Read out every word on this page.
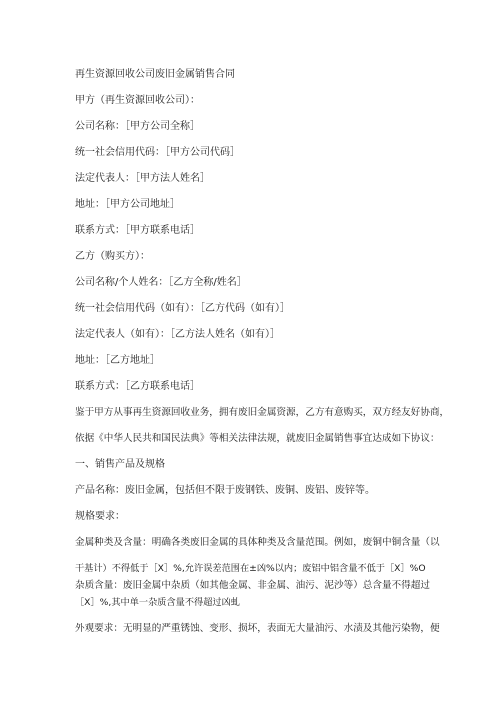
再生资源回收公司废旧金属销售合同
甲方（再生资源回收公司）：
公司名称：［甲方公司全称］
统一社会信用代码：［甲方公司代码］
法定代表人：［甲方法人姓名］
地址：［甲方公司地址］
联系方式：［甲方联系电话］
乙方（购买方）：
公司名称/个人姓名：［乙方全称/姓名］
统一社会信用代码（如有）：［乙方代码（如有）］
法定代表人（如有）：［乙方法人姓名（如有）］
地址：［乙方地址］
联系方式：［乙方联系电话］
鉴于甲方从事再生资源回收业务，拥有废旧金属资源，乙方有意购买，双方经友好协商，
依据《中华人民共和国民法典》等相关法律法规，就废旧金属销售事宜达成如下协议：
一、销售产品及规格
产品名称：废旧金属，包括但不限于废钢铁、废铜、废铝、废锌等。
规格要求：
金属种类及含量：明确各类废旧金属的具体种类及含量范围。例如，废铜中铜含量（以
干基计）不得低于［X］%,允许误差范围在±凶%以内；废铝中铝含量不低于［X］%O
杂质含量：废旧金属中杂质（如其他金属、非金属、油污、泥沙等）总含量不得超过
［X］%,其中单一杂质含量不得超过凶虬
外观要求：无明显的严重锈蚀、变形、损坏，表面无大量油污、水渍及其他污染物，便
